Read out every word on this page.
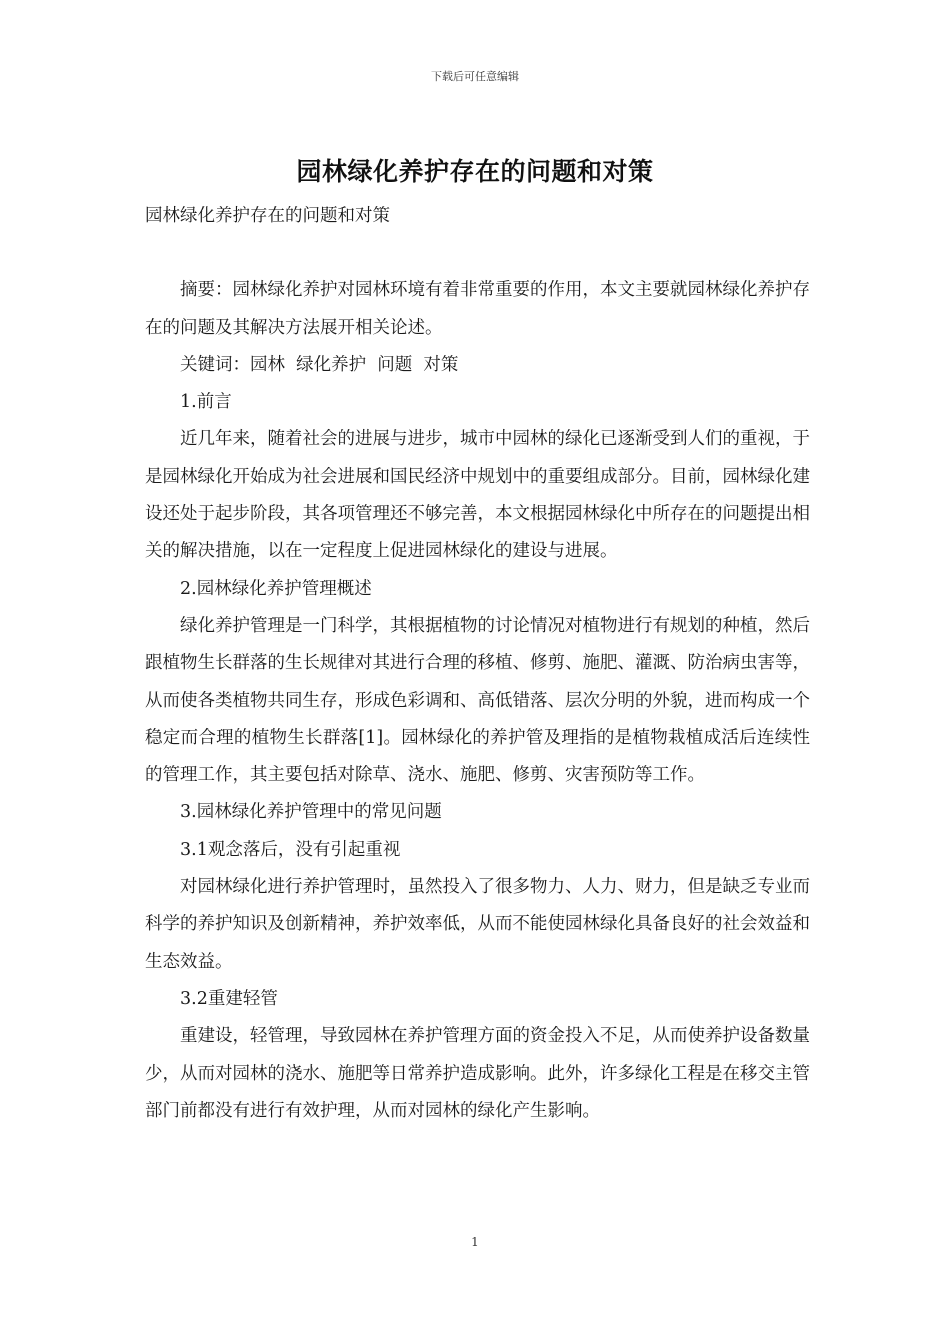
下载后可任意编辑
园林绿化养护存在的问题和对策

园林绿化养护存在的问题和对策

摘要：园林绿化养护对园林环境有着非常重要的作用，本文主要就园林绿化养护存在的问题及其解决方法展开相关论述。

关键词：园林  绿化养护  问题  对策

1.前言

近几年来，随着社会的进展与进步，城市中园林的绿化已逐渐受到人们的重视，于是园林绿化开始成为社会进展和国民经济中规划中的重要组成部分。目前，园林绿化建设还处于起步阶段，其各项管理还不够完善，本文根据园林绿化中所存在的问题提出相关的解决措施，以在一定程度上促进园林绿化的建设与进展。

2.园林绿化养护管理概述

绿化养护管理是一门科学，其根据植物的讨论情况对植物进行有规划的种植，然后跟植物生长群落的生长规律对其进行合理的移植、修剪、施肥、灌溉、防治病虫害等，从而使各类植物共同生存，形成色彩调和、高低错落、层次分明的外貌，进而构成一个稳定而合理的植物生长群落[1]。园林绿化的养护管及理指的是植物栽植成活后连续性的管理工作，其主要包括对除草、浇水、施肥、修剪、灾害预防等工作。

3.园林绿化养护管理中的常见问题

3.1观念落后，没有引起重视

对园林绿化进行养护管理时，虽然投入了很多物力、人力、财力，但是缺乏专业而科学的养护知识及创新精神，养护效率低，从而不能使园林绿化具备良好的社会效益和生态效益。

3.2重建轻管

重建设，轻管理，导致园林在养护管理方面的资金投入不足，从而使养护设备数量少，从而对园林的浇水、施肥等日常养护造成影响。此外，许多绿化工程是在移交主管部门前都没有进行有效护理，从而对园林的绿化产生影响。

1
